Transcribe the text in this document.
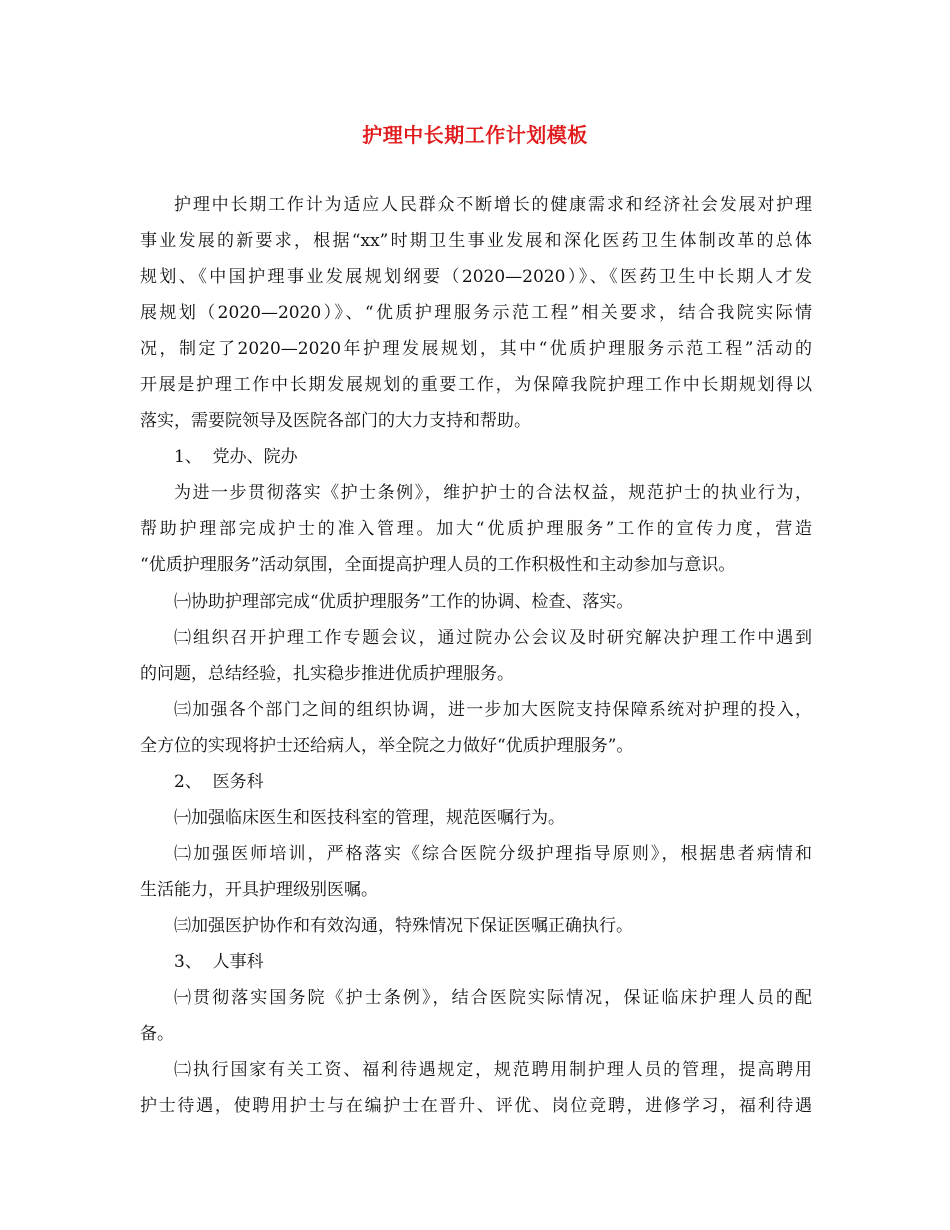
护理中长期工作计划模板
护理中长期工作计为适应人民群众不断增长的健康需求和经济社会发展对护理
事业发展的新要求，根据“xx”时期卫生事业发展和深化医药卫生体制改革的总体
规划、《中国护理事业发展规划纲要（2020—2020）》、《医药卫生中长期人才发
展规划（2020—2020）》、“优质护理服务示范工程”相关要求，结合我院实际情
况，制定了2020—2020年护理发展规划，其中“优质护理服务示范工程”活动的
开展是护理工作中长期发展规划的重要工作，为保障我院护理工作中长期规划得以
落实，需要院领导及医院各部门的大力支持和帮助。
1、  党办、院办
为进一步贯彻落实《护士条例》，维护护士的合法权益，规范护士的执业行为，
帮助护理部完成护士的准入管理。加大“优质护理服务”工作的宣传力度，营造
“优质护理服务”活动氛围，全面提高护理人员的工作积极性和主动参加与意识。
㈠协助护理部完成“优质护理服务”工作的协调、检查、落实。
㈡组织召开护理工作专题会议，通过院办公会议及时研究解决护理工作中遇到
的问题，总结经验，扎实稳步推进优质护理服务。
㈢加强各个部门之间的组织协调，进一步加大医院支持保障系统对护理的投入，
全方位的实现将护士还给病人，举全院之力做好“优质护理服务”。
2、  医务科
㈠加强临床医生和医技科室的管理，规范医嘱行为。
㈡加强医师培训，严格落实《综合医院分级护理指导原则》，根据患者病情和
生活能力，开具护理级别医嘱。
㈢加强医护协作和有效沟通，特殊情况下保证医嘱正确执行。
3、  人事科
㈠贯彻落实国务院《护士条例》，结合医院实际情况，保证临床护理人员的配
备。
㈡执行国家有关工资、福利待遇规定，规范聘用制护理人员的管理，提高聘用
护士待遇，使聘用护士与在编护士在晋升、评优、岗位竞聘，进修学习，福利待遇
